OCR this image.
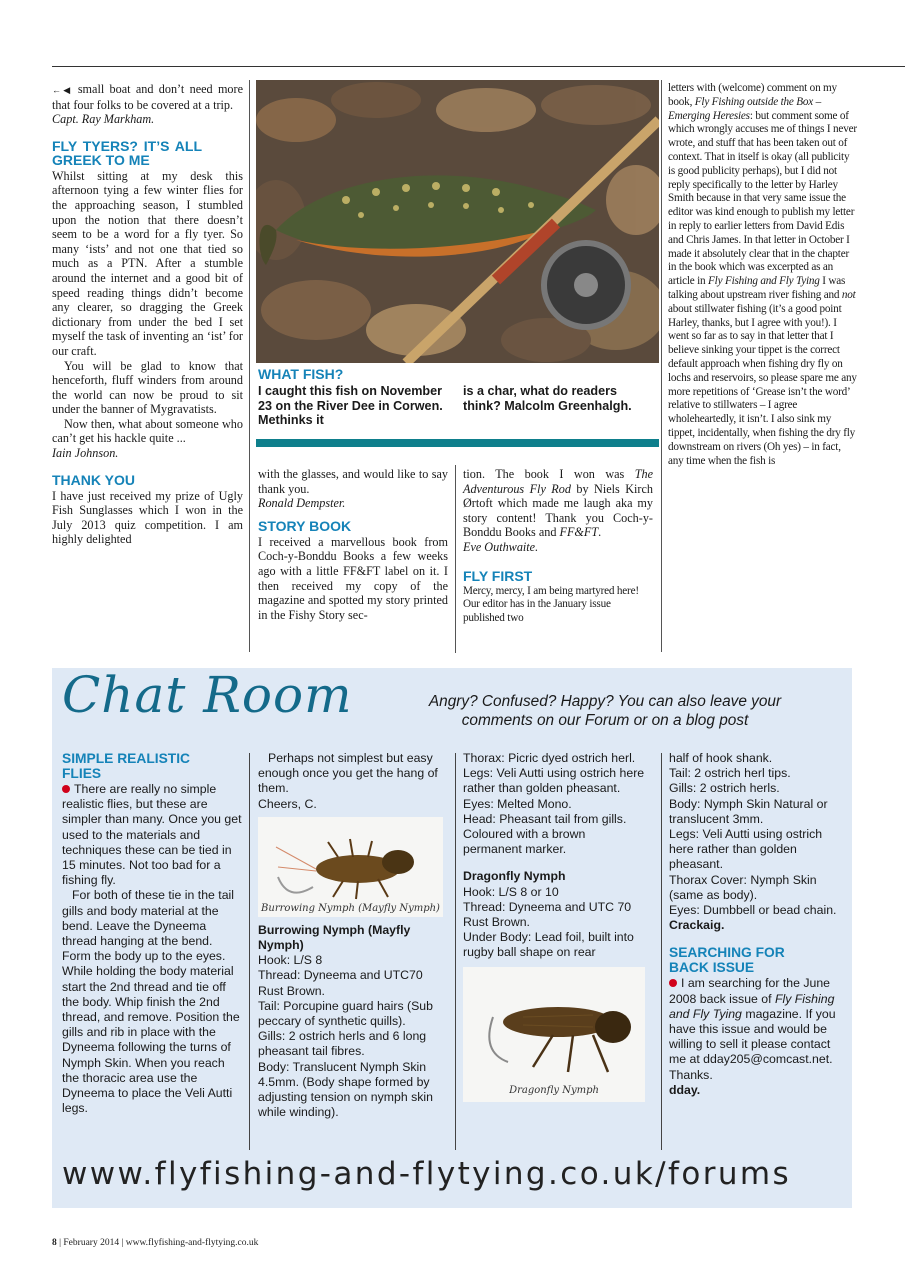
←◀ small boat and don’t need more that four folks to be covered at a trip.

Capt. Ray Markham.

FLY TYERS? IT’S ALL GREEK TO ME

Whilst sitting at my desk this afternoon tying a few winter flies for the approaching season, I stumbled upon the notion that there doesn’t seem to be a word for a fly tyer. So many ‘ists’ and not one that tied so much as a PTN. After a stumble around the internet and a good bit of speed reading things didn’t become any clearer, so dragging the Greek dictionary from under the bed I set myself the task of inventing an ‘ist’ for our craft.

You will be glad to know that henceforth, fluff winders from around the world can now be proud to sit under the banner of Mygravatists.

Now then, what about someone who can’t get his hackle quite ...

Iain Johnson.

THANK YOU

I have just received my prize of Ugly Fish Sunglasses which I won in the July 2013 quiz competition. I am highly delighted

WHAT FISH?
I caught this fish on November 23 on the River Dee in Corwen. Methinks it
is a char, what do readers think? Malcolm Greenhalgh.

with the glasses, and would like to say thank you.

Ronald Dempster.

STORY BOOK

I received a marvellous book from Coch-y-Bonddu Books a few weeks ago with a little FF&FT label on it. I then received my copy of the magazine and spotted my story printed in the Fishy Story sec-

tion. The book I won was The Adventurous Fly Rod by Niels Kirch Ørtoft which made me laugh aka my story content! Thank you Coch-y-Bonddu Books and FF&FT.

Eve Outhwaite.

FLY FIRST

Mercy, mercy, I am being martyred here! Our editor has in the January issue published two

letters with (welcome) comment on my book, Fly Fishing outside the Box – Emerging Heresies: but comment some of which wrongly accuses me of things I never wrote, and stuff that has been taken out of context. That in itself is okay (all publicity is good publicity perhaps), but I did not reply specifically to the letter by Harley Smith because in that very same issue the editor was kind enough to publish my letter in reply to earlier letters from David Edis and Chris James. In that letter in October I made it absolutely clear that in the chapter in the book which was excerpted as an article in Fly Fishing and Fly Tying I was talking about upstream river fishing and not about stillwater fishing (it’s a good point Harley, thanks, but I agree with you!). I went so far as to say in that letter that I believe sinking your tippet is the correct default approach when fishing dry fly on lochs and reservoirs, so please spare me any more repetitions of ‘Grease isn’t the word’ relative to stillwaters – I agree wholeheartedly, it isn’t. I also sink my tippet, incidentally, when fishing the dry fly downstream on rivers (Oh yes) – in fact, any time when the fish is

Chat Room	Angry? Confused? Happy? You can also leave your comments on our Forum or on a blog post
SIMPLE REALISTIC FLIES

There are really no simple realistic flies, but these are simpler than many. Once you get used to the materials and techniques these can be tied in 15 minutes. Not too bad for a fishing fly.

For both of these tie in the tail gills and body material at the bend. Leave the Dyneema thread hanging at the bend. Form the body up to the eyes. While holding the body material start the 2nd thread and tie off the body. Whip finish the 2nd thread, and remove. Position the gills and rib in place with the Dyneema following the turns of Nymph Skin. When you reach the thoracic area use the Dyneema to place the Veli Autti legs.

Perhaps not simplest but easy enough once you get the hang of them.

Cheers, C.

Burrowing Nymph (Mayfly Nymph)

Burrowing Nymph (Mayfly Nymph)

Hook: L/S 8

Thread: Dyneema and UTC70 Rust Brown.

Tail: Porcupine guard hairs (Sub peccary of synthetic quills).

Gills: 2 ostrich herls and 6 long pheasant tail fibres.

Body: Translucent Nymph Skin 4.5mm. (Body shape formed by adjusting tension on nymph skin while winding).

Thorax: Picric dyed ostrich herl.

Legs: Veli Autti using ostrich here rather than golden pheasant.

Eyes: Melted Mono.

Head: Pheasant tail from gills. Coloured with a brown permanent marker.

Dragonfly Nymph

Hook: L/S 8 or 10

Thread: Dyneema and UTC 70 Rust Brown.

Under Body: Lead foil, built into rugby ball shape on rear

Dragonfly Nymph

half of hook shank.

Tail: 2 ostrich herl tips.

Gills: 2 ostrich herls.

Body: Nymph Skin Natural or translucent 3mm.

Legs: Veli Autti using ostrich here rather than golden pheasant.

Thorax Cover: Nymph Skin (same as body).

Eyes: Dumbbell or bead chain.

Crackaig.

SEARCHING FOR BACK ISSUE

I am searching for the June 2008 back issue of Fly Fishing and Fly Tying magazine. If you have this issue and would be willing to sell it please contact me at dday205@comcast.net. Thanks.

dday.

www.flyfishing-and-flytying.co.uk/forums
8 | February 2014 | www.flyfishing-and-flytying.co.uk
